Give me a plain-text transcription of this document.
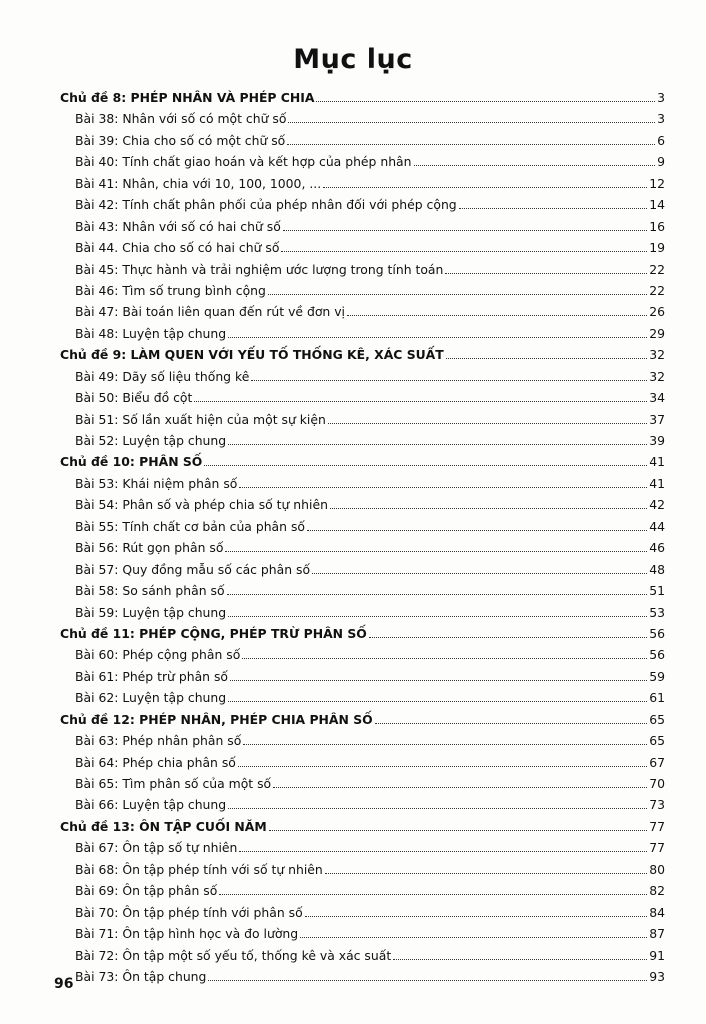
Mục lục
Chủ đề 8: PHÉP NHÂN VÀ PHÉP CHIA	3
Bài 38: Nhân với số có một chữ số	3
Bài 39: Chia cho số có một chữ số	6
Bài 40: Tính chất giao hoán và kết hợp của phép nhân	9
Bài 41: Nhân, chia với 10, 100, 1000, ...	12
Bài 42: Tính chất phân phối của phép nhân đối với phép cộng	14
Bài 43: Nhân với số có hai chữ số	16
Bài 44. Chia cho số có hai chữ số	19
Bài 45: Thực hành và trải nghiệm ước lượng trong tính toán	22
Bài 46: Tìm số trung bình cộng	22
Bài 47: Bài toán liên quan đến rút về đơn vị	26
Bài 48: Luyện tập chung	29
Chủ đề 9: LÀM QUEN VỚI YẾU TỐ THỐNG KÊ, XÁC SUẤT	32
Bài 49: Dãy số liệu thống kê	32
Bài 50: Biểu đồ cột	34
Bài 51: Số lần xuất hiện của một sự kiện	37
Bài 52: Luyện tập chung	39
Chủ đề 10: PHÂN SỐ	41
Bài 53: Khái niệm phân số	41
Bài 54: Phân số và phép chia số tự nhiên	42
Bài 55: Tính chất cơ bản của phân số	44
Bài 56: Rút gọn phân số	46
Bài 57: Quy đồng mẫu số các phân số	48
Bài 58: So sánh phân số	51
Bài 59: Luyện tập chung	53
Chủ đề 11: PHÉP CỘNG, PHÉP TRỪ PHÂN SỐ	56
Bài 60: Phép cộng phân số	56
Bài 61: Phép trừ phân số	59
Bài 62: Luyện tập chung	61
Chủ đề 12: PHÉP NHÂN, PHÉP CHIA PHÂN SỐ	65
Bài 63: Phép nhân phân số	65
Bài 64: Phép chia phân số	67
Bài 65: Tìm phân số của một số	70
Bài 66: Luyện tập chung	73
Chủ đề 13: ÔN TẬP CUỐI NĂM	77
Bài 67: Ôn tập số tự nhiên	77
Bài 68: Ôn tập phép tính với số tự nhiên	80
Bài 69: Ôn tập phân số	82
Bài 70: Ôn tập phép tính với phân số	84
Bài 71: Ôn tập hình học và đo lường	87
Bài 72: Ôn tập một số yếu tố, thống kê và xác suất	91
Bài 73: Ôn tập chung	93
96
